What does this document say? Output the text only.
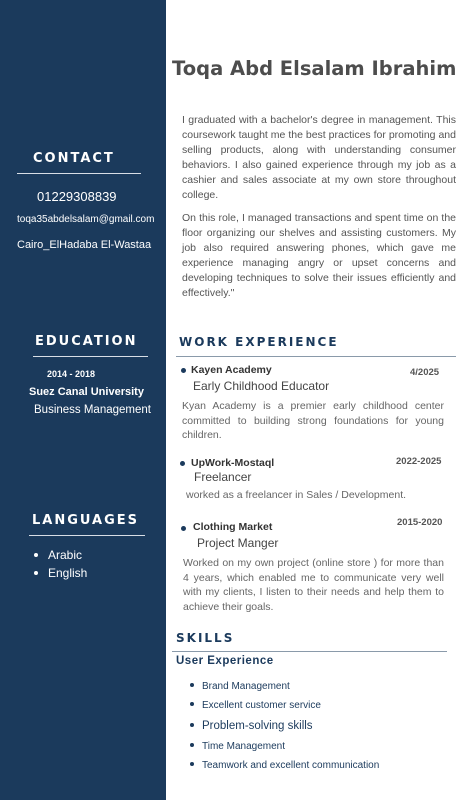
CONTACT
01229308839
toqa35abdelsalam@gmail.com
Cairo_ElHadaba El-Wastaa
EDUCATION
2014 - 2018
Suez Canal University
Business Management
LANGUAGES
Arabic
English
Toqa Abd Elsalam Ibrahim
I graduated with a bachelor's degree in management. This coursework taught me the best practices for promoting and selling products, along with understanding consumer behaviors. I also gained experience through my job as a cashier and sales associate at my own store throughout college.
On this role, I managed transactions and spent time on the floor organizing our shelves and assisting customers. My job also required answering phones, which gave me experience managing angry or upset concerns and developing techniques to solve their issues efficiently and effectively."
WORK EXPERIENCE
Kayen Academy	4/2025
Early Childhood Educator
Kyan Academy is a premier early childhood center committed to building strong foundations for young children.
UpWork-Mostaql	2022-2025
Freelancer
worked as a freelancer in Sales / Development.
Clothing Market	2015-2020
Project Manger
Worked on my own project (online store ) for more than 4 years, which enabled me to communicate very well with my clients, I listen to their needs and help them to achieve their goals.
SKILLS
User Experience
Brand Management
Excellent customer service
Problem-solving skills
Time Management
Teamwork and excellent communication
